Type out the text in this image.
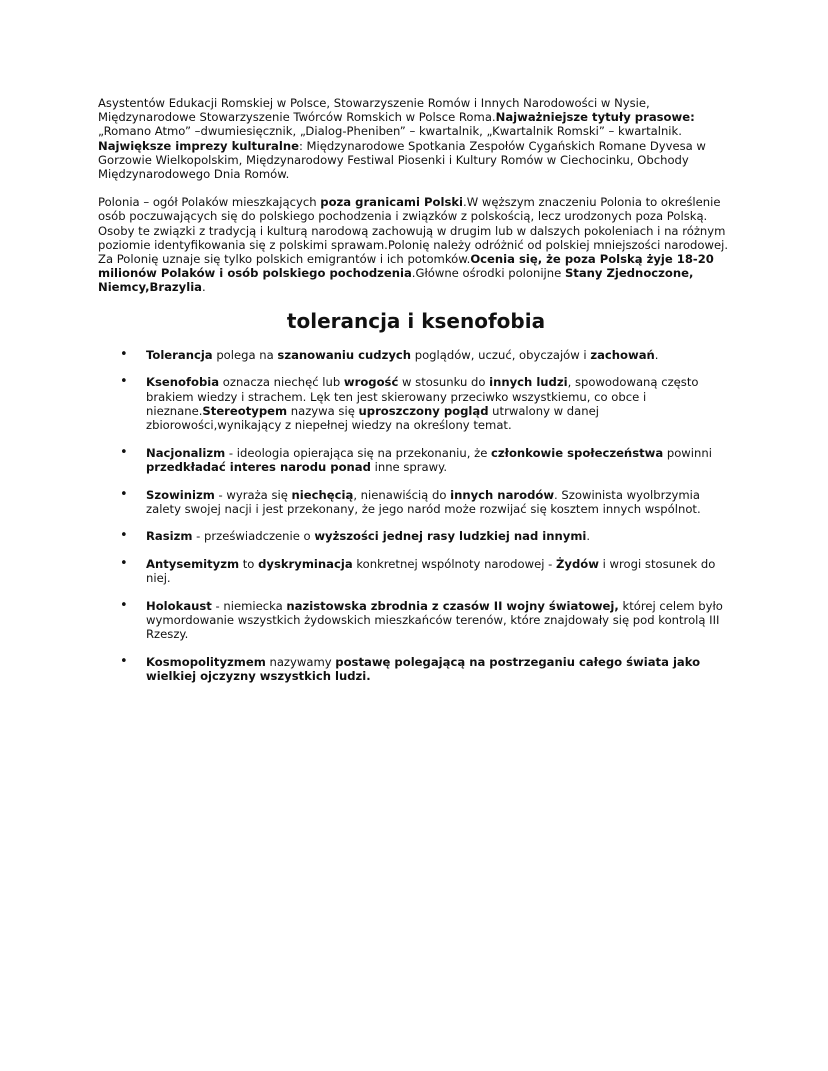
Asystentów Edukacji Romskiej w Polsce, Stowarzyszenie Romów i Innych Narodowości w Nysie, Międzynarodowe Stowarzyszenie Twórców Romskich w Polsce Roma.Najważniejsze tytuły prasowe: „Romano Atmo” –dwumiesięcznik, „Dialog-Pheniben” – kwartalnik, „Kwartalnik Romski” – kwartalnik. Największe imprezy kulturalne: Międzynarodowe Spotkania Zespołów Cygańskich Romane Dyvesa w Gorzowie Wielkopolskim, Międzynarodowy Festiwal Piosenki i Kultury Romów w Ciechocinku, Obchody Międzynarodowego Dnia Romów.

Polonia – ogół Polaków mieszkających poza granicami Polski.W węższym znaczeniu Polonia to określenie osób poczuwających się do polskiego pochodzenia i związków z polskością, lecz urodzonych poza Polską. Osoby te związki z tradycją i kulturą narodową zachowują w drugim lub w dalszych pokoleniach i na różnym poziomie identyfikowania się z polskimi sprawam.Polonię należy odróżnić od polskiej mniejszości narodowej. Za Polonię uznaje się tylko polskich emigrantów i ich potomków.Ocenia się, że poza Polską żyje 18-20 milionów Polaków i osób polskiego pochodzenia.Główne ośrodki polonijne Stany Zjednoczone, Niemcy,Brazylia.

tolerancja i ksenofobia
• Tolerancja polega na szanowaniu cudzych poglądów, uczuć, obyczajów i zachowań.
• Ksenofobia oznacza niechęć lub wrogość w stosunku do innych ludzi, spowodowaną często brakiem wiedzy i strachem. Lęk ten jest skierowany przeciwko wszystkiemu, co obce i nieznane.Stereotypem nazywa się uproszczony pogląd utrwalony w danej zbiorowości,wynikający z niepełnej wiedzy na określony temat.
• Nacjonalizm - ideologia opierająca się na przekonaniu, że członkowie społeczeństwa powinni przedkładać interes narodu ponad inne sprawy.
• Szowinizm - wyraża się niechęcią, nienawiścią do innych narodów. Szowinista wyolbrzymia zalety swojej nacji i jest przekonany, że jego naród może rozwijać się kosztem innych wspólnot.
• Rasizm - przeświadczenie o wyższości jednej rasy ludzkiej nad innymi.
• Antysemityzm to dyskryminacja konkretnej wspólnoty narodowej - Żydów i wrogi stosunek do niej.
• Holokaust - niemiecka nazistowska zbrodnia z czasów II wojny światowej, której celem było wymordowanie wszystkich żydowskich mieszkańców terenów, które znajdowały się pod kontrolą III Rzeszy.
• Kosmopolityzmem nazywamy postawę polegającą na postrzeganiu całego świata jako wielkiej ojczyzny wszystkich ludzi.
